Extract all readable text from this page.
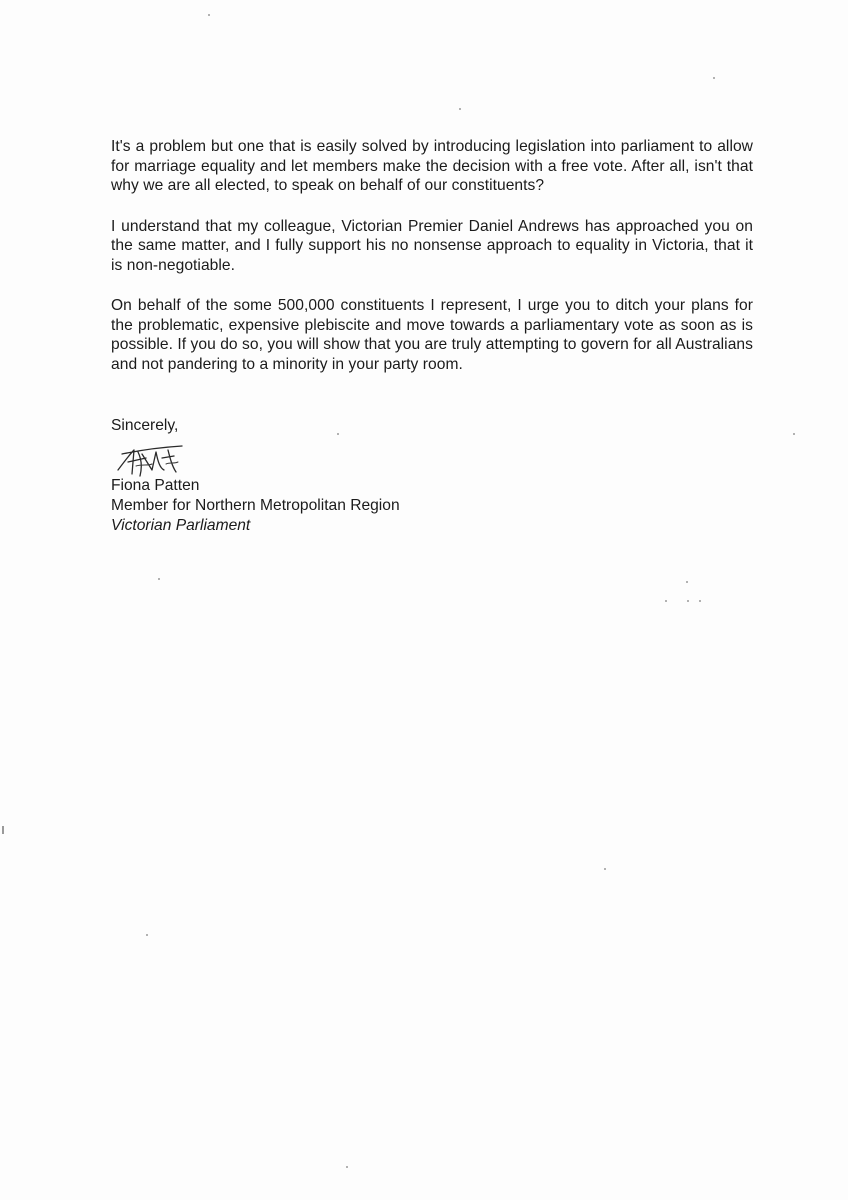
It's a problem but one that is easily solved by introducing legislation into parliament to allow for marriage equality and let members make the decision with a free vote. After all, isn't that why we are all elected, to speak on behalf of our constituents?

I understand that my colleague, Victorian Premier Daniel Andrews has approached you on the same matter, and I fully support his no nonsense approach to equality in Victoria, that it is non-negotiable.

On behalf of the some 500,000 constituents I represent, I urge you to ditch your plans for the problematic, expensive plebiscite and move towards a parliamentary vote as soon as is possible. If you do so, you will show that you are truly attempting to govern for all Australians and not pandering to a minority in your party room.

Sincerely,
Fiona Patten
Member for Northern Metropolitan Region
Victorian Parliament
